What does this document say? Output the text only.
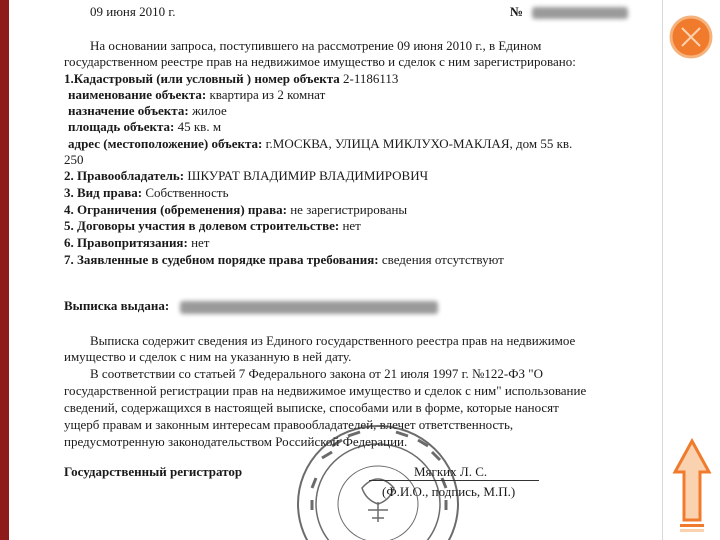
09 июня 2010 г.	№
На основании запроса, поступившего на рассмотрение 09 июня 2010 г., в Едином
государственном реестре прав на недвижимое имущество и сделок с ним зарегистрировано:
1.Кадастровый (или условный ) номер объекта 2-1186113
наименование объекта: квартира из 2 комнат
назначение объекта: жилое
площадь объекта: 45 кв. м
адрес (местоположение) объекта: г.МОСКВА, УЛИЦА МИКЛУХО-МАКЛАЯ, дом 55 кв.
250
2. Правообладатель: ШКУРАТ ВЛАДИМИР ВЛАДИМИРОВИЧ
3. Вид права: Собственность
4. Ограничения (обременения) права: не зарегистрированы
5. Договоры участия в долевом строительстве: нет
6. Правопритязания: нет
7. Заявленные в судебном порядке права требования: сведения отсутствуют
Выписка выдана:
Выписка содержит сведения из Единого государственного реестра прав на недвижимое
имущество и сделок с ним на указанную в ней дату.
В соответствии со статьей 7 Федерального закона от 21 июля 1997 г. №122-ФЗ "О
государственной регистрации прав на недвижимое имущество и сделок с ним" использование
сведений, содержащихся в настоящей выписке, способами или в форме, которые наносят
ущерб правам и законным интересам правообладателей, влечет ответственность,
предусмотренную законодательством Российской Федерации.
Государственный регистратор	Мягких Л. С.
(Ф.И.О., подпись, М.П.)
